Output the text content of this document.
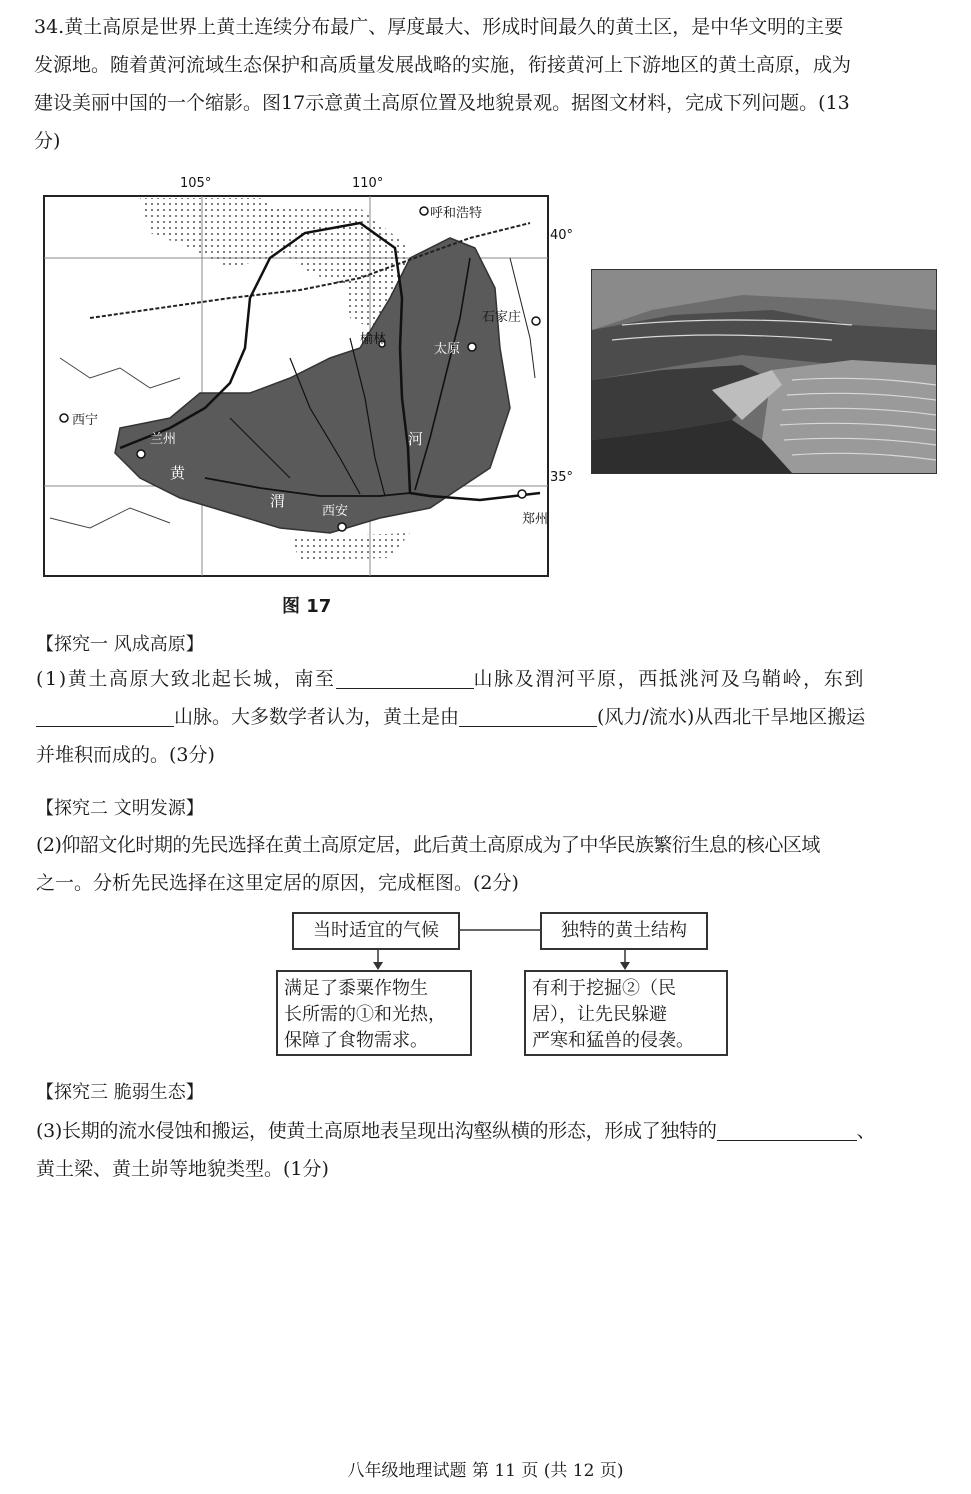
34.黄土高原是世界上黄土连续分布最广、厚度最大、形成时间最久的黄土区，是中华文明的主要
发源地。随着黄河流域生态保护和高质量发展战略的实施，衔接黄河上下游地区的黄土高原，成为
建设美丽中国的一个缩影。图17示意黄土高原位置及地貌景观。据图文材料，完成下列问题。(13
分)
105°	110°
40°
35°
呼和浩特
西宁
兰州
榆林
太原
石家庄
西安
郑州
黄
河
渭
图 17
【探究一 风成高原】
(1)黄土高原大致北起长城，南至	山脉及渭河平原，西抵洮河及乌鞘岭，东到
山脉。大多数学者认为，黄土是由	(风力/流水)从西北干旱地区搬运
并堆积而成的。(3分)
【探究二 文明发源】
(2)仰韶文化时期的先民选择在黄土高原定居，此后黄土高原成为了中华民族繁衍生息的核心区域
之一。分析先民选择在这里定居的原因，完成框图。(2分)
当时适宜的气候	独特的黄土结构
满足了黍粟作物生
长所需的①和光热，
保障了食物需求。
有利于挖掘②（民
居），让先民躲避
严寒和猛兽的侵袭。
【探究三 脆弱生态】
(3)长期的流水侵蚀和搬运，使黄土高原地表呈现出沟壑纵横的形态，形成了独特的	、
黄土梁、黄土峁等地貌类型。(1分)
八年级地理试题 第 11 页 (共 12 页)
